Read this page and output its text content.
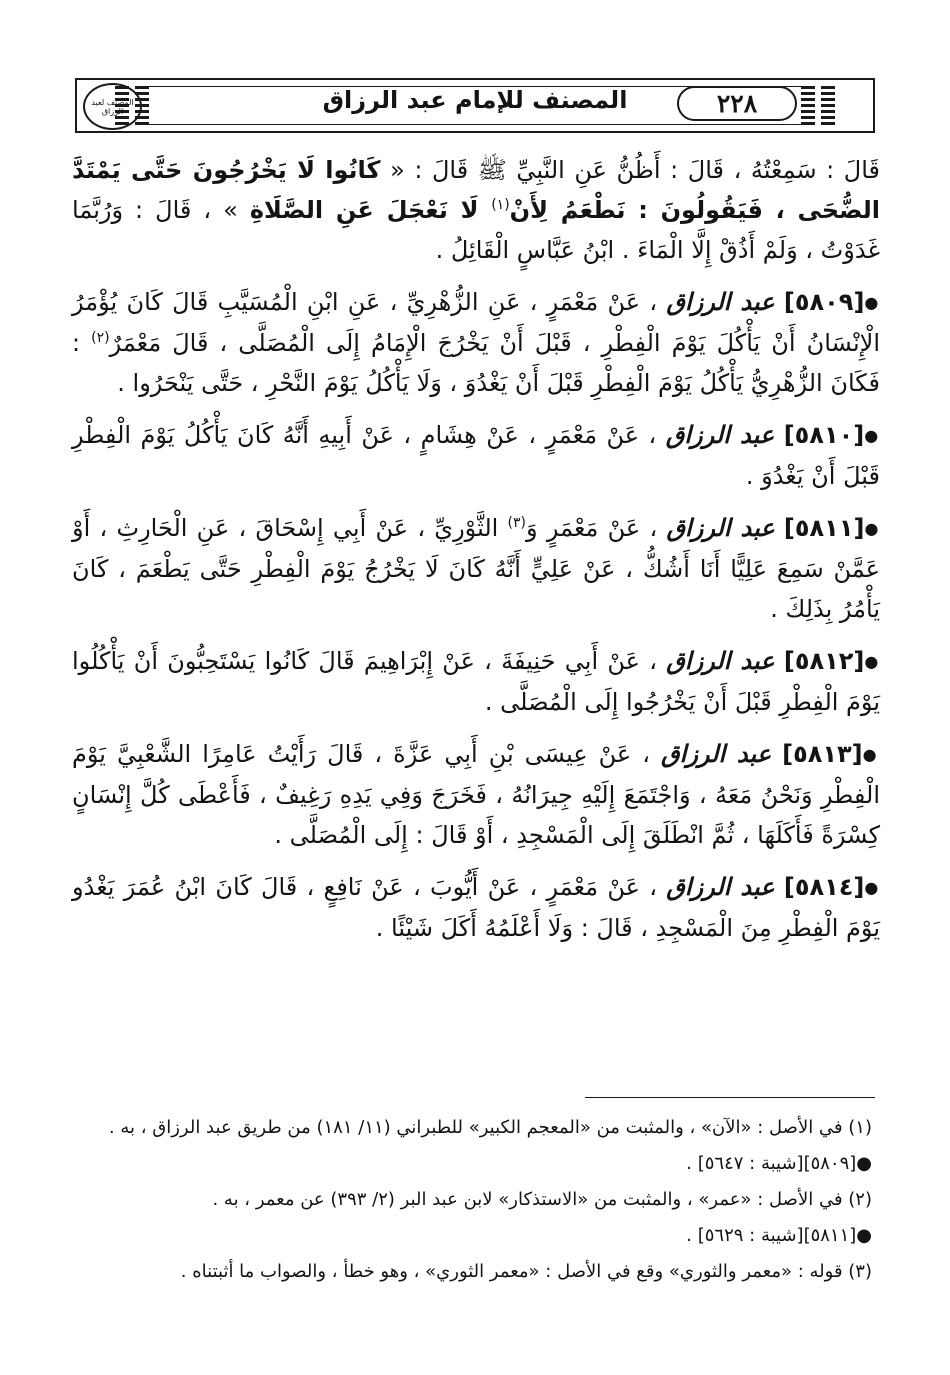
٢٢٨
المصنف للإمام عبد الرزاق
المصنف لعبد الرزاق

قَالَ : سَمِعْتُهُ ، قَالَ : أَظُنُّ عَنِ النَّبِيِّ ﷺ قَالَ : « كَانُوا لَا يَخْرُجُونَ حَتَّى يَمْتَدَّ الضُّحَى ، فَيَقُولُونَ : نَطْعَمُ لِأَنْ$^{(١)}$ لَا نَعْجَلَ عَنِ الصَّلَاةِ » ، قَالَ : وَرُبَّمَا غَدَوْتُ ، وَلَمْ أَذُقْ إِلَّا الْمَاءَ . ابْنُ عَبَّاسٍ الْقَائِلُ .

●[٥٨٠٩] عبد الرزاق ، عَنْ مَعْمَرٍ ، عَنِ الزُّهْرِيِّ ، عَنِ ابْنِ الْمُسَيَّبِ قَالَ كَانَ يُؤْمَرُ الْإِنْسَانُ أَنْ يَأْكُلَ يَوْمَ الْفِطْرِ ، قَبْلَ أَنْ يَخْرُجَ الْإِمَامُ إِلَى الْمُصَلَّى ، قَالَ مَعْمَرٌ$^{(٢)}$ : فَكَانَ الزُّهْرِيُّ يَأْكُلُ يَوْمَ الْفِطْرِ قَبْلَ أَنْ يَغْدُوَ ، وَلَا يَأْكُلُ يَوْمَ النَّحْرِ ، حَتَّى يَنْحَرُوا .

●[٥٨١٠] عبد الرزاق ، عَنْ مَعْمَرٍ ، عَنْ هِشَامٍ ، عَنْ أَبِيهِ أَنَّهُ كَانَ يَأْكُلُ يَوْمَ الْفِطْرِ قَبْلَ أَنْ يَغْدُوَ .

●[٥٨١١] عبد الرزاق ، عَنْ مَعْمَرٍ وَ$^{(٣)}$ الثَّوْرِيِّ ، عَنْ أَبِي إِسْحَاقَ ، عَنِ الْحَارِثِ ، أَوْ عَمَّنْ سَمِعَ عَلِيًّا أَنَا أَشُكُّ ، عَنْ عَلِيٍّ أَنَّهُ كَانَ لَا يَخْرُجُ يَوْمَ الْفِطْرِ حَتَّى يَطْعَمَ ، كَانَ يَأْمُرُ بِذَلِكَ .

●[٥٨١٢] عبد الرزاق ، عَنْ أَبِي حَنِيفَةَ ، عَنْ إِبْرَاهِيمَ قَالَ كَانُوا يَسْتَحِبُّونَ أَنْ يَأْكُلُوا يَوْمَ الْفِطْرِ قَبْلَ أَنْ يَخْرُجُوا إِلَى الْمُصَلَّى .

●[٥٨١٣] عبد الرزاق ، عَنْ عِيسَى بْنِ أَبِي عَزَّةَ ، قَالَ رَأَيْتُ عَامِرًا الشَّعْبِيَّ يَوْمَ الْفِطْرِ وَنَحْنُ مَعَهُ ، وَاجْتَمَعَ إِلَيْهِ جِيرَانُهُ ، فَخَرَجَ وَفِي يَدِهِ رَغِيفٌ ، فَأَعْطَى كُلَّ إِنْسَانٍ كِسْرَةً فَأَكَلَهَا ، ثُمَّ انْطَلَقَ إِلَى الْمَسْجِدِ ، أَوْ قَالَ : إِلَى الْمُصَلَّى .

●[٥٨١٤] عبد الرزاق ، عَنْ مَعْمَرٍ ، عَنْ أَيُّوبَ ، عَنْ نَافِعٍ ، قَالَ كَانَ ابْنُ عُمَرَ يَغْدُو يَوْمَ الْفِطْرِ مِنَ الْمَسْجِدِ ، قَالَ : وَلَا أَعْلَمُهُ أَكَلَ شَيْئًا .

(١) في الأصل : «الآن» ، والمثبت من «المعجم الكبير» للطبراني (١١/ ١٨١) من طريق عبد الرزاق ، به .

●[٥٨٠٩][شيبة : ٥٦٤٧] .

(٢) في الأصل : «عمر» ، والمثبت من «الاستذكار» لابن عبد البر (٢/ ٣٩٣) عن معمر ، به .

●[٥٨١١][شيبة : ٥٦٢٩] .

(٣) قوله : «معمر والثوري» وقع في الأصل : «معمر الثوري» ، وهو خطأ ، والصواب ما أثبتناه .
